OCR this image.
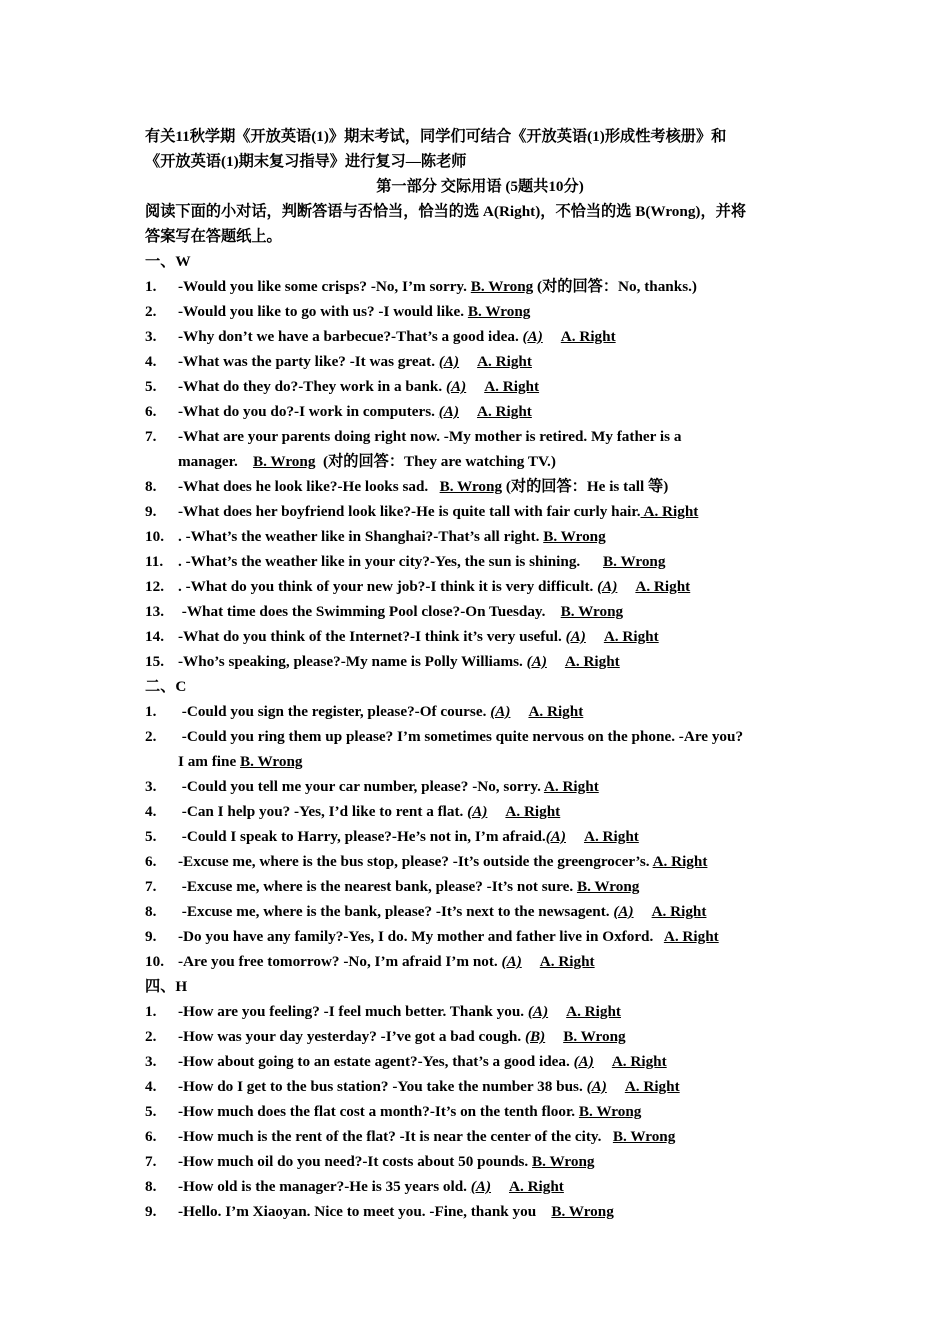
有关11秋学期《开放英语(1)》期末考试，同学们可结合《开放英语(1)形成性考核册》和
《开放英语(1)期末复习指导》进行复习—陈老师
第一部分 交际用语 (5题共10分)
阅读下面的小对话，判断答语与否恰当，恰当的选 A(Right)，不恰当的选 B(Wrong)，并将
答案写在答题纸上。
一、W
1.	-Would you like some crisps? -No, I’m sorry. B. Wrong (对的回答：No, thanks.)
2.	-Would you like to go with us? -I would like. B. Wrong
3.	-Why don’t we have a barbecue?-That’s a good idea. (A) A. Right
4.	-What was the party like? -It was great. (A) A. Right
5.	-What do they do?-They work in a bank. (A) A. Right
6.	-What do you do?-I work in computers. (A) A. Right
7.	-What are your parents doing right now. -My mother is retired. My father is a
manager.    B. Wrong  (对的回答：They are watching TV.)
8.	-What does he look like?-He looks sad.   B. Wrong (对的回答：He is tall 等)
9.	-What does her boyfriend look like?-He is quite tall with fair curly hair. A. Right
10. . -What’s the weather like in Shanghai?-That’s all right. B. Wrong
11. . -What’s the weather like in your city?-Yes, the sun is shining.      B. Wrong
12. . -What do you think of your new job?-I think it is very difficult. (A) A. Right
13. -What time does the Swimming Pool close?-On Tuesday.    B. Wrong
14. -What do you think of the Internet?-I think it’s very useful. (A) A. Right
15. -Who’s speaking, please?-My name is Polly Williams. (A) A. Right
二、C
1.	-Could you sign the register, please?-Of course. (A) A. Right
2.	-Could you ring them up please? I’m sometimes quite nervous on the phone. -Are you?
I am fine B. Wrong
3.	-Could you tell me your car number, please? -No, sorry. A. Right
4.	-Can I help you? -Yes, I’d like to rent a flat. (A) A. Right
5.	-Could I speak to Harry, please?-He’s not in, I’m afraid.(A) A. Right
6.	-Excuse me, where is the bus stop, please? -It’s outside the greengrocer’s. A. Right
7.	-Excuse me, where is the nearest bank, please? -It’s not sure. B. Wrong
8.	-Excuse me, where is the bank, please? -It’s next to the newsagent. (A) A. Right
9.	-Do you have any family?-Yes, I do. My mother and father live in Oxford.   A. Right
10. -Are you free tomorrow? -No, I’m afraid I’m not. (A) A. Right
四、H
1.	-How are you feeling? -I feel much better. Thank you. (A) A. Right
2.	-How was your day yesterday? -I’ve got a bad cough. (B) B. Wrong
3.	-How about going to an estate agent?-Yes, that’s a good idea. (A) A. Right
4.	-How do I get to the bus station? -You take the number 38 bus. (A) A. Right
5.	-How much does the flat cost a month?-It’s on the tenth floor. B. Wrong
6.	-How much is the rent of the flat? -It is near the center of the city.   B. Wrong
7.	-How much oil do you need?-It costs about 50 pounds. B. Wrong
8.	-How old is the manager?-He is 35 years old. (A) A. Right
9.	-Hello. I’m Xiaoyan. Nice to meet you. -Fine, thank you    B. Wrong
